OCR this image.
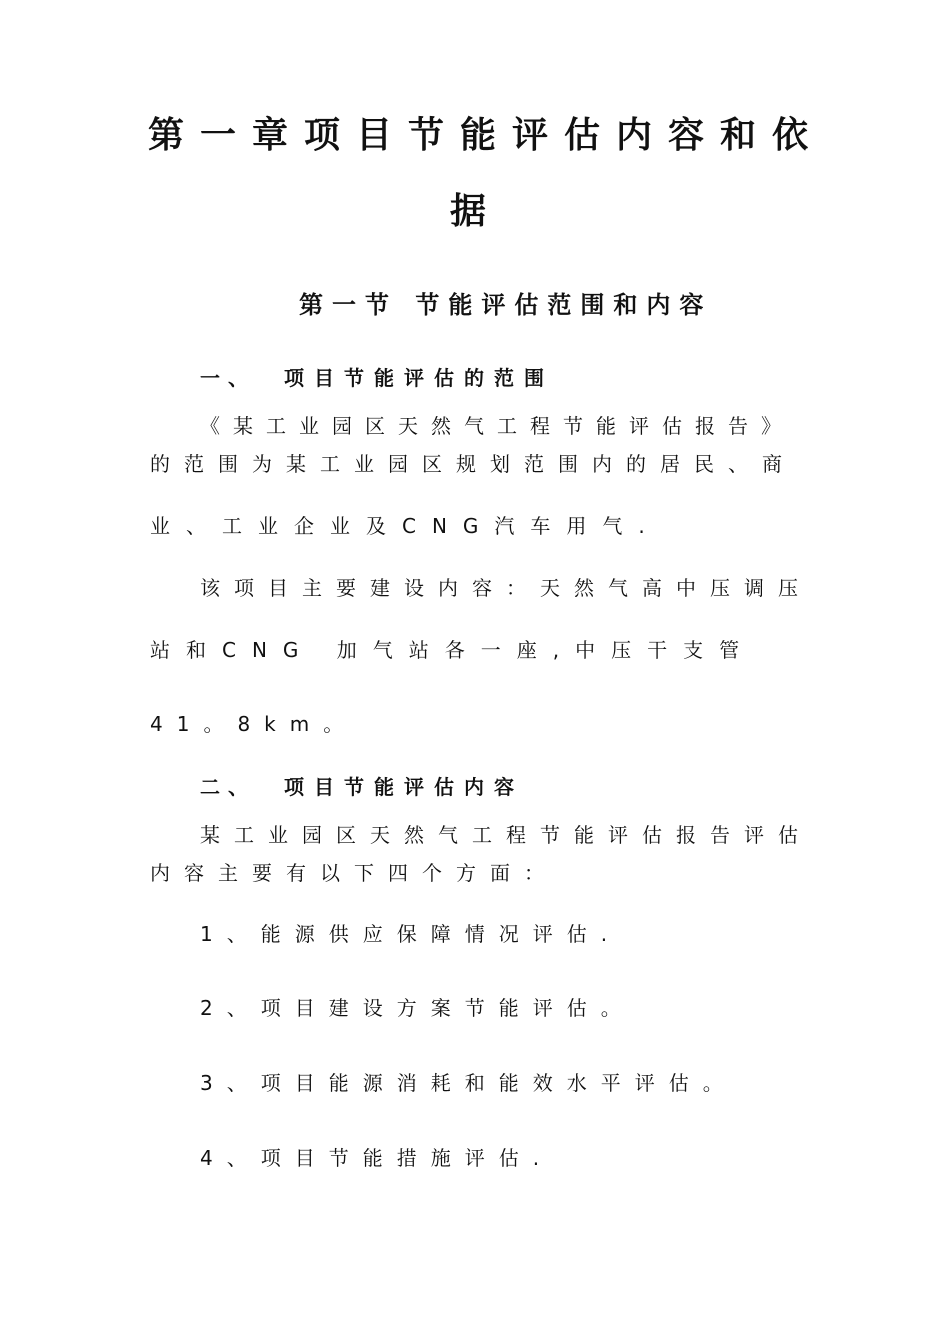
第一章项目节能评估内容和依
据
第一节 节能评估范围和内容
一、 项目节能评估的范围
《某工业园区天然气工程节能评估报告》
的范围为某工业园区规划范围内的居民、商
业、工业企业及CNG汽车用气.
该项目主要建设内容：天然气高中压调压
站和CNG 加气站各一座,中压干支管
41。8km。
二、 项目节能评估内容
某工业园区天然气工程节能评估报告评估
内容主要有以下四个方面：
1、能源供应保障情况评估.
2、项目建设方案节能评估。
3、项目能源消耗和能效水平评估。
4、项目节能措施评估.
